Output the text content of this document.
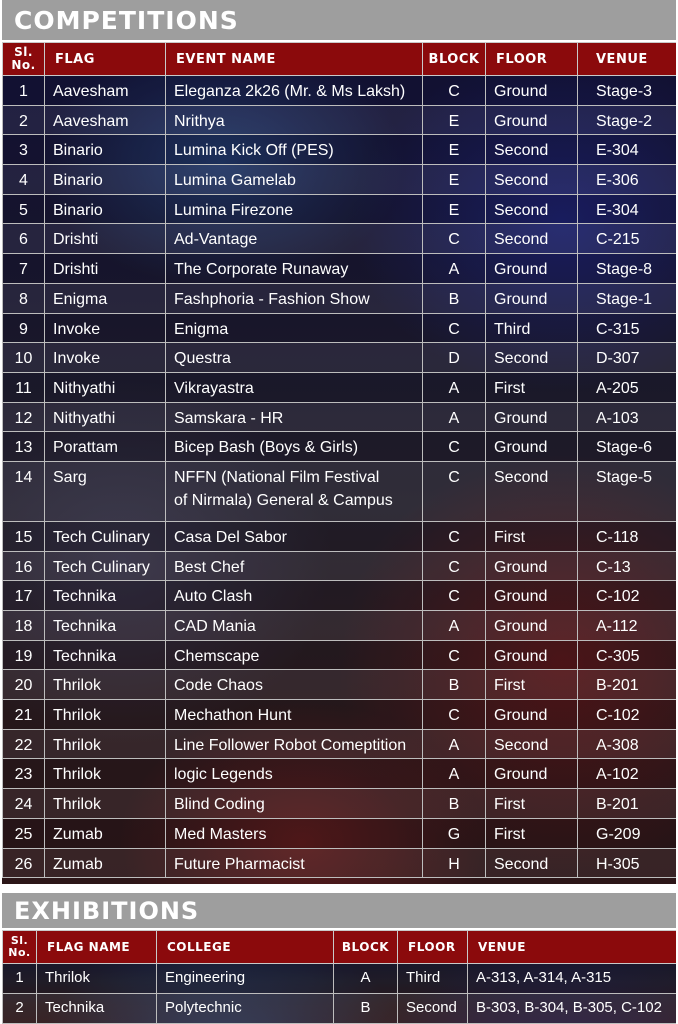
COMPETITIONS
Sl.
No.	FLAG	EVENT NAME	BLOCK	FLOOR	VENUE
1	Aavesham	Eleganza 2k26 (Mr. & Ms Laksh)	C	Ground	Stage-3
2	Aavesham	Nrithya	E	Ground	Stage-2
3	Binario	Lumina Kick Off (PES)	E	Second	E-304
4	Binario	Lumina Gamelab	E	Second	E-306
5	Binario	Lumina Firezone	E	Second	E-304
6	Drishti	Ad-Vantage	C	Second	C-215
7	Drishti	The Corporate Runaway	A	Ground	Stage-8
8	Enigma	Fashphoria - Fashion Show	B	Ground	Stage-1
9	Invoke	Enigma	C	Third	C-315
10	Invoke	Questra	D	Second	D-307
11	Nithyathi	Vikrayastra	A	First	A-205
12	Nithyathi	Samskara - HR	A	Ground	A-103
13	Porattam	Bicep Bash (Boys & Girls)	C	Ground	Stage-6
14	Sarg	NFFN (National Film Festival
of Nirmala) General & Campus	C	Second	Stage-5
15	Tech Culinary	Casa Del Sabor	C	First	C-118
16	Tech Culinary	Best Chef	C	Ground	C-13
17	Technika	Auto Clash	C	Ground	C-102
18	Technika	CAD Mania	A	Ground	A-112
19	Technika	Chemscape	C	Ground	C-305
20	Thrilok	Code Chaos	B	First	B-201
21	Thrilok	Mechathon Hunt	C	Ground	C-102
22	Thrilok	Line Follower Robot Comeptition	A	Second	A-308
23	Thrilok	logic Legends	A	Ground	A-102
24	Thrilok	Blind Coding	B	First	B-201
25	Zumab	Med Masters	G	First	G-209
26	Zumab	Future Pharmacist	H	Second	H-305
EXHIBITIONS
Sl.
No.	FLAG NAME	COLLEGE	BLOCK	FLOOR	VENUE
1	Thrilok	Engineering	A	Third	A-313, A-314, A-315
2	Technika	Polytechnic	B	Second	B-303, B-304, B-305, C-102
